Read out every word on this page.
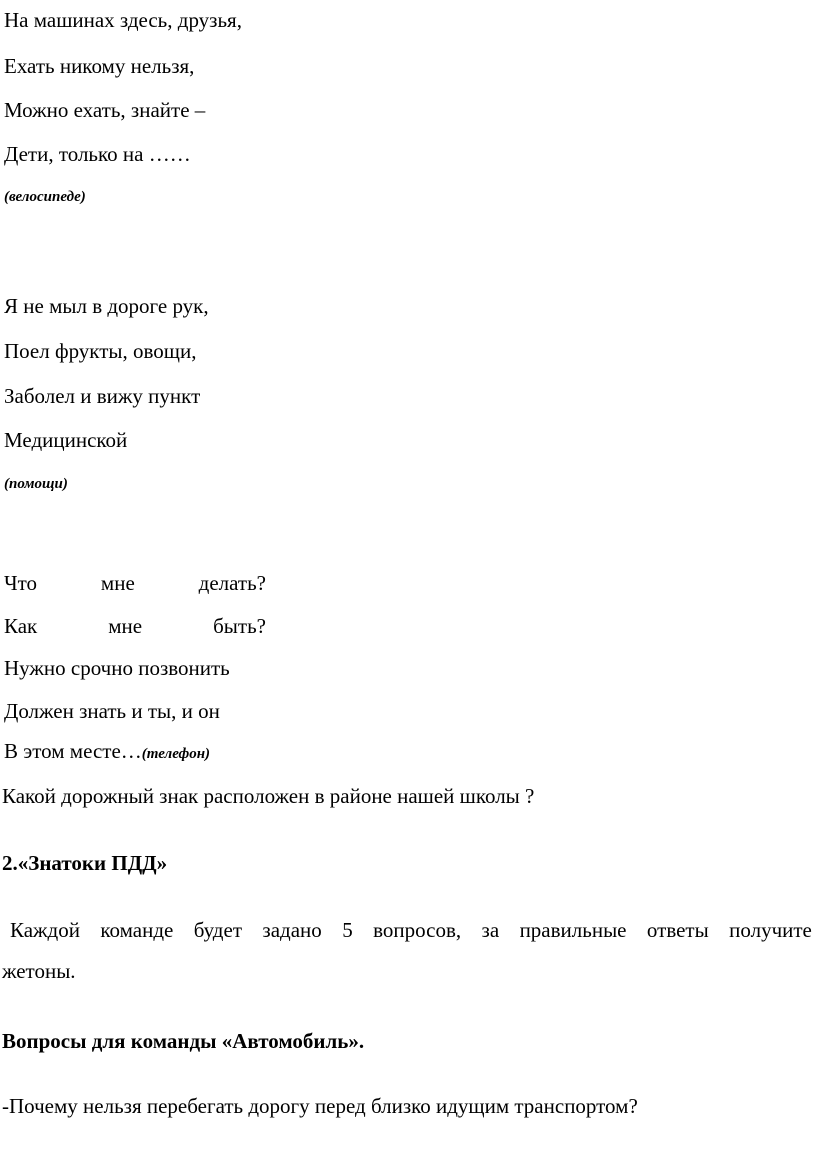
На машинах здесь, друзья,

Ехать никому нельзя,

Можно ехать, знайте –

Дети, только на ……

(велосипеде)

Я не мыл в дороге рук,

Поел фрукты, овощи,

Заболел и вижу пункт

Медицинской

(помощи)

Что	мне	делать?
Как	мне	быть?

Нужно срочно позвонить

Должен знать и ты, и он

В этом месте…(телефон)

Какой дорожный знак расположен в районе нашей школы ?

2.«Знатоки ПДД»

Каждой команде будет задано 5 вопросов, за правильные ответы получите

жетоны.

Вопросы для команды «Автомобиль».

-Почему нельзя перебегать дорогу перед близко идущим транспортом?
